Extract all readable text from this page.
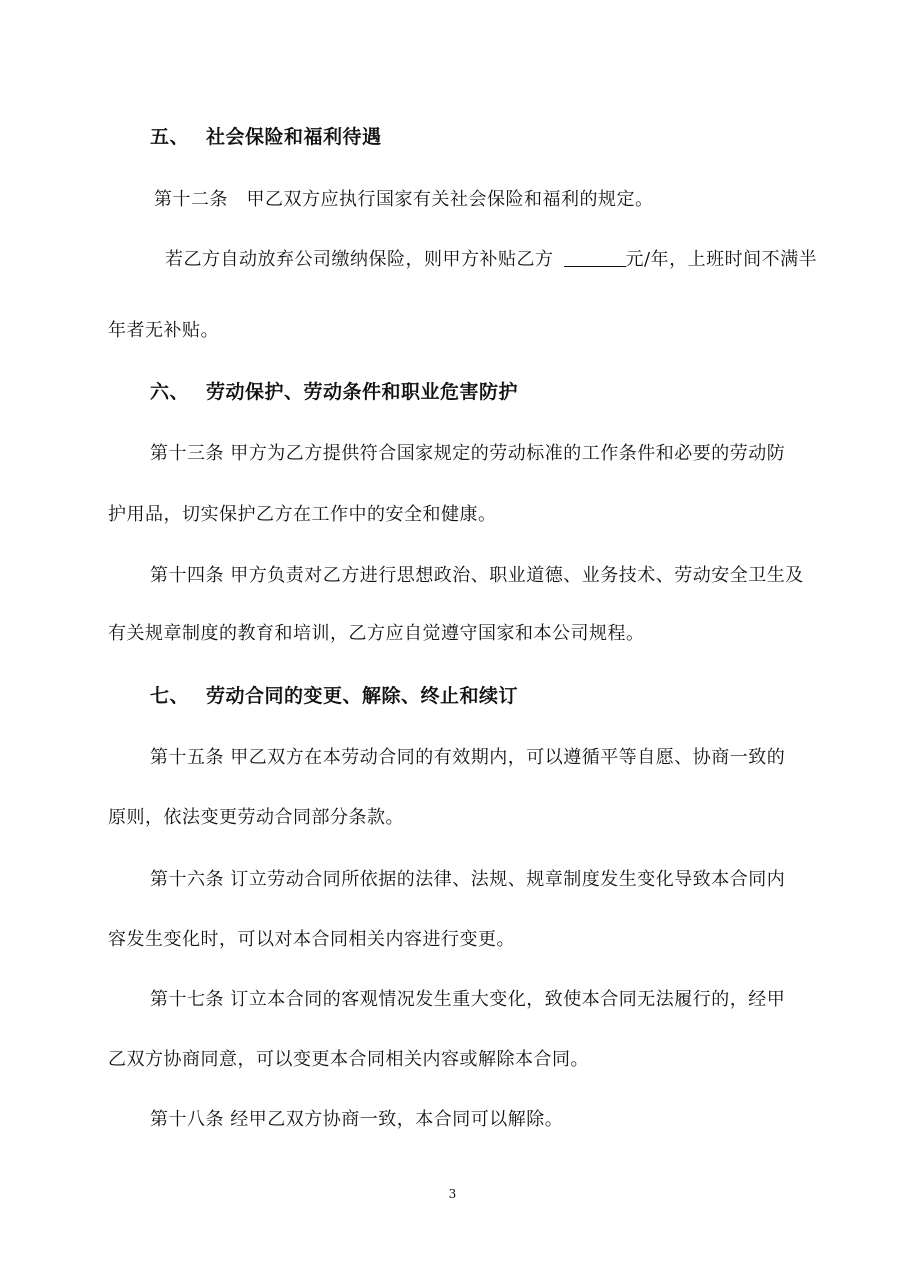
五、 社会保险和福利待遇
第十二条　甲乙双方应执行国家有关社会保险和福利的规定。
若乙方自动放弃公司缴纳保险，则甲方补贴乙方	元/年，上班时间不满半
年者无补贴。
六、 劳动保护、劳动条件和职业危害防护
第十三条 甲方为乙方提供符合国家规定的劳动标准的工作条件和必要的劳动防
护用品，切实保护乙方在工作中的安全和健康。
第十四条 甲方负责对乙方进行思想政治、职业道德、业务技术、劳动安全卫生及
有关规章制度的教育和培训，乙方应自觉遵守国家和本公司规程。
七、 劳动合同的变更、解除、终止和续订
第十五条 甲乙双方在本劳动合同的有效期内，可以遵循平等自愿、协商一致的
原则，依法变更劳动合同部分条款。
第十六条 订立劳动合同所依据的法律、法规、规章制度发生变化导致本合同内
容发生变化时，可以对本合同相关内容进行变更。
第十七条 订立本合同的客观情况发生重大变化，致使本合同无法履行的，经甲
乙双方协商同意，可以变更本合同相关内容或解除本合同。
第十八条 经甲乙双方协商一致，本合同可以解除。
3
